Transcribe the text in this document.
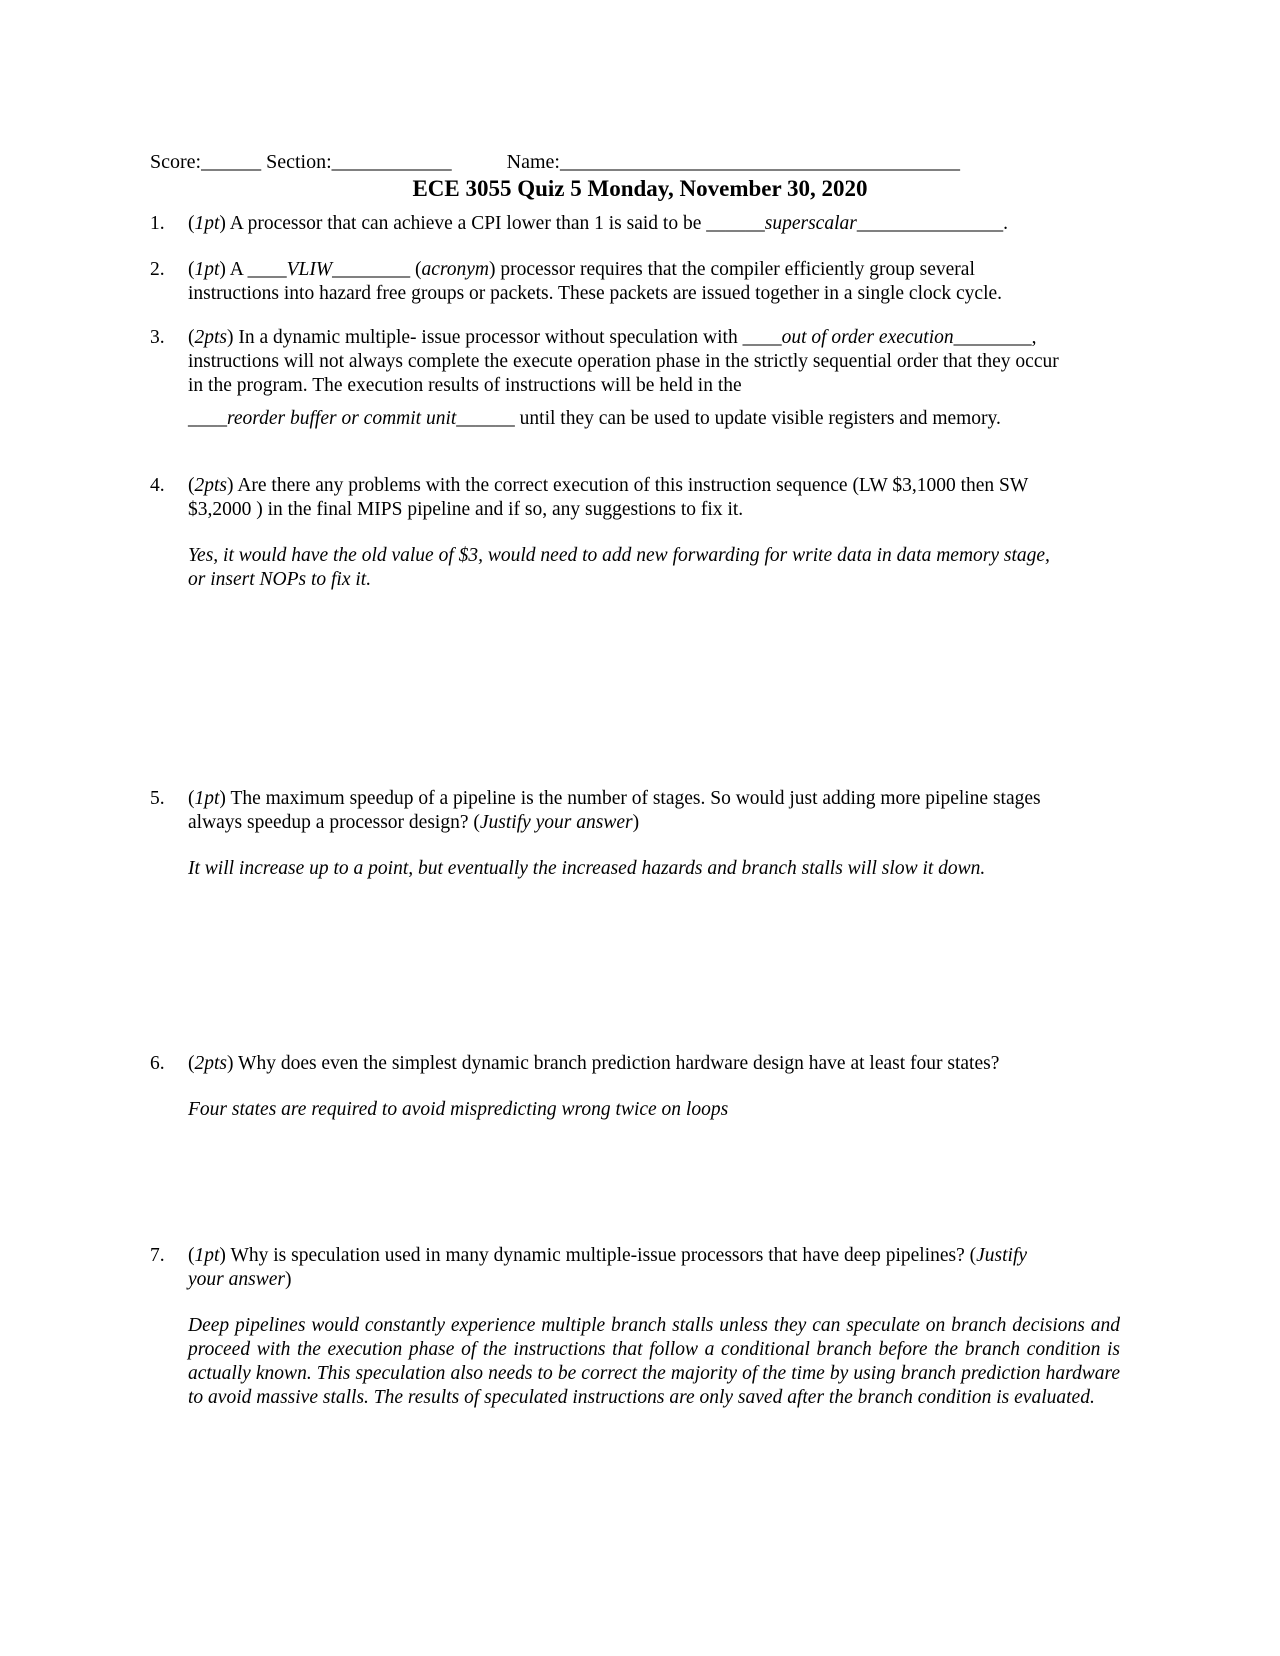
Score:______ Section:____________	Name:________________________________________
ECE 3055 Quiz 5 Monday, November 30, 2020
1. (1pt) A processor that can achieve a CPI lower than 1 is said to be ______superscalar_______________.
2. (1pt) A ____VLIW________ (acronym) processor requires that the compiler efficiently group several
instructions into hazard free groups or packets. These packets are issued together in a single clock cycle.
3. (2pts) In a dynamic multiple- issue processor without speculation with ____out of order execution________,
instructions will not always complete the execute operation phase in the strictly sequential order that they occur
in the program. The execution results of instructions will be held in the
____reorder buffer or commit unit______ until they can be used to update visible registers and memory.
4. (2pts) Are there any problems with the correct execution of this instruction sequence (LW $3,1000 then SW
$3,2000 ) in the final MIPS pipeline and if so, any suggestions to fix it.
Yes, it would have the old value of $3, would need to add new forwarding for write data in data memory stage,
or insert NOPs to fix it.
5. (1pt) The maximum speedup of a pipeline is the number of stages. So would just adding more pipeline stages
always speedup a processor design? (Justify your answer)
It will increase up to a point, but eventually the increased hazards and branch stalls will slow it down.
6. (2pts) Why does even the simplest dynamic branch prediction hardware design have at least four states?
Four states are required to avoid mispredicting wrong twice on loops
7. (1pt) Why is speculation used in many dynamic multiple-issue processors that have deep pipelines? (Justify
your answer)
Deep pipelines would constantly experience multiple branch stalls unless they can speculate on branch decisions and proceed with the execution phase of the instructions that follow a conditional branch before the branch condition is actually known. This speculation also needs to be correct the majority of the time by using branch prediction hardware to avoid massive stalls. The results of speculated instructions are only saved after the branch condition is evaluated.
